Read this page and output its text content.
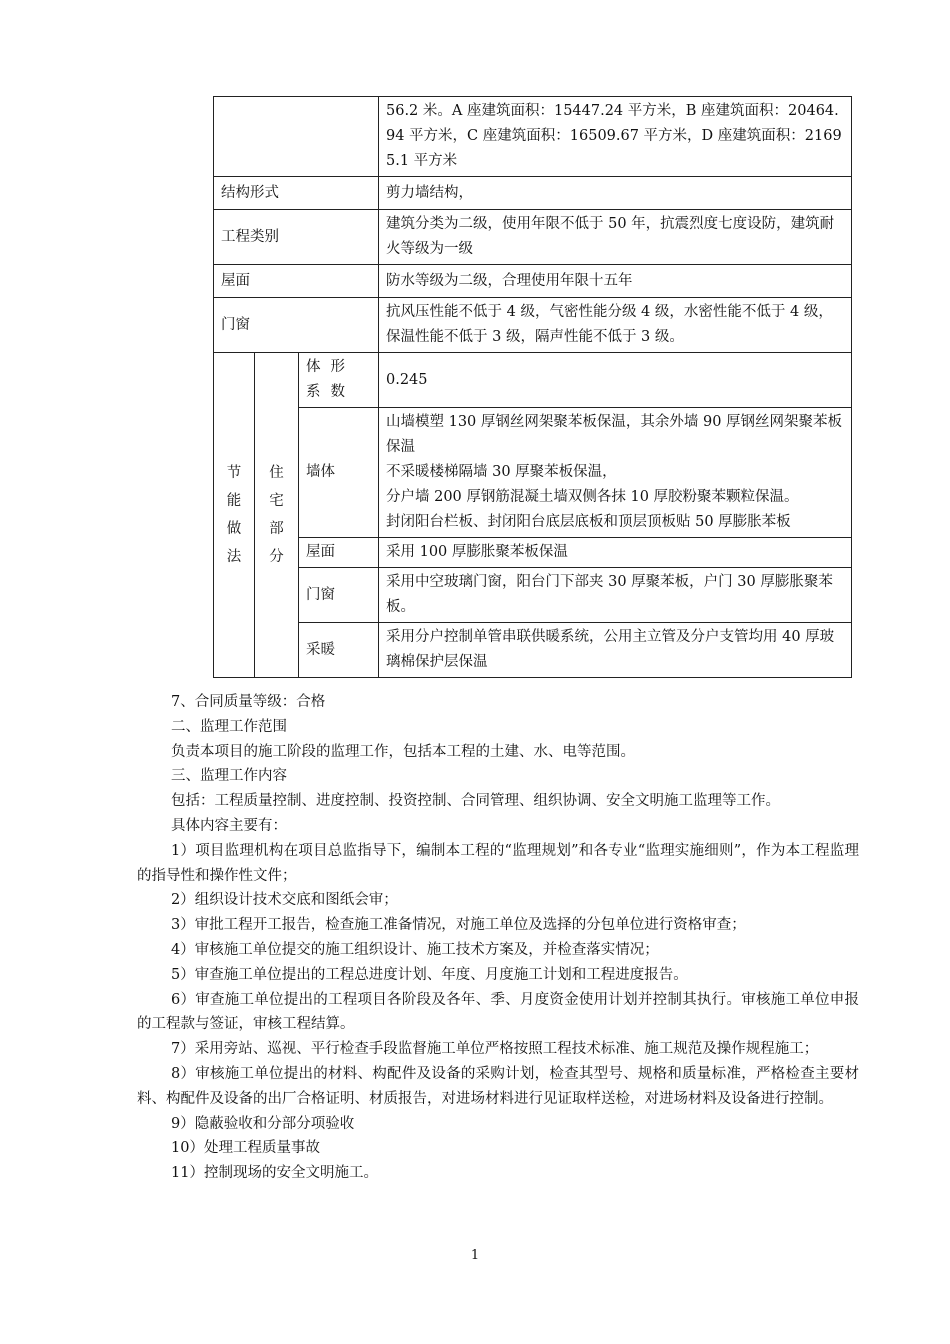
			56.2 米。A 座建筑面积：15447.24 平方米，B 座建筑面积：20464.94 平方米，C 座建筑面积：16509.67 平方米，D 座建筑面积：21695.1 平方米
结构形式			剪力墙结构，
工程类别			建筑分类为二级，使用年限不低于 50 年，抗震烈度七度设防，建筑耐火等级为一级
屋面			防水等级为二级，合理使用年限十五年
门窗			抗风压性能不低于 4 级，气密性能分级 4 级，水密性能不低于 4 级，保温性能不低于 3 级，隔声性能不低于 3 级。

节能做法	住宅部分	体形系数	0.245
		墙体	山墙模塑 130 厚钢丝网架聚苯板保温，其余外墙 90 厚钢丝网架聚苯板保温
不采暖楼梯隔墙 30 厚聚苯板保温，
分户墙 200 厚钢筋混凝土墙双侧各抹 10 厚胶粉聚苯颗粒保温。
封闭阳台栏板、封闭阳台底层底板和顶层顶板贴 50 厚膨胀苯板

		屋面	采用 100 厚膨胀聚苯板保温
		门窗	采用中空玻璃门窗，阳台门下部夹 30 厚聚苯板，户门 30 厚膨胀聚苯板。
		采暖	采用分户控制单管串联供暖系统，公用主立管及分户支管均用 40 厚玻璃棉保护层保温

7、合同质量等级：合格

二、监理工作范围

负责本项目的施工阶段的监理工作，包括本工程的土建、水、电等范围。

三、监理工作内容

包括：工程质量控制、进度控制、投资控制、合同管理、组织协调、安全文明施工监理等工作。

具体内容主要有：

1）项目监理机构在项目总监指导下，编制本工程的“监理规划”和各专业“监理实施细则”，作为本工程监理的指导性和操作性文件；

2）组织设计技术交底和图纸会审；

3）审批工程开工报告，检查施工准备情况，对施工单位及选择的分包单位进行资格审查；

4）审核施工单位提交的施工组织设计、施工技术方案及，并检查落实情况；

5）审查施工单位提出的工程总进度计划、年度、月度施工计划和工程进度报告。

6）审查施工单位提出的工程项目各阶段及各年、季、月度资金使用计划并控制其执行。审核施工单位申报的工程款与签证，审核工程结算。

7）采用旁站、巡视、平行检查手段监督施工单位严格按照工程技术标准、施工规范及操作规程施工；

8）审核施工单位提出的材料、构配件及设备的采购计划，检查其型号、规格和质量标准，严格检查主要材料、构配件及设备的出厂合格证明、材质报告，对进场材料进行见证取样送检，对进场材料及设备进行控制。

9）隐蔽验收和分部分项验收

10）处理工程质量事故

11）控制现场的安全文明施工。

1
